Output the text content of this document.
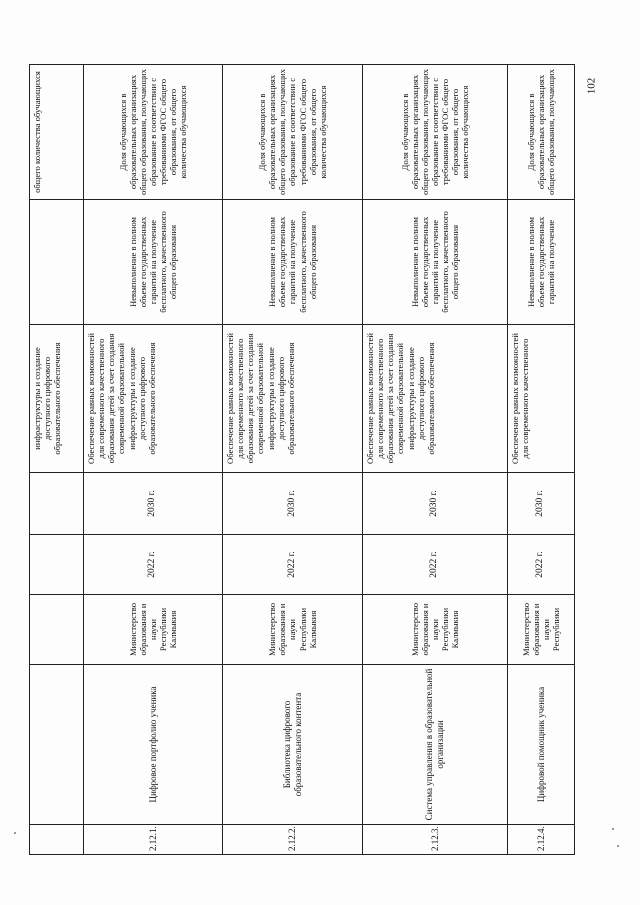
102
					инфраструктуры и создание доступного цифрового образовательного обеспечения		общего количества обучающихся
2.12.1.	Цифровое портфолио ученика	Министерство образования и науки Республики Калмыкия	2022 г.	2030 г.	Обеспечение равных возможностей для современного качественного образования детей за счет создания современной образовательной инфраструктуры и создание доступного цифрового образовательного обеспечения	Невыполнение в полном объеме государственных гарантий на получение бесплатного, качественного общего образования	Доля обучающихся в образовательных организациях общего образования, получающих образование в соответствии с требованиями ФГОС общего образования, от общего количества обучающихся
2.12.2.	Библиотека цифрового образовательного контента	Министерство образования и науки Республики Калмыкия	2022 г.	2030 г.	Обеспечение равных возможностей для современного качественного образования детей за счет создания современной образовательной инфраструктуры и создание доступного цифрового образовательного обеспечения	Невыполнение в полном объеме государственных гарантий на получение бесплатного, качественного общего образования	Доля обучающихся в образовательных организациях общего образования, получающих образование в соответствии с требованиями ФГОС общего образования, от общего количества обучающихся
2.12.3.	Система управления в образовательной организации	Министерство образования и науки Республики Калмыкия	2022 г.	2030 г.	Обеспечение равных возможностей для современного качественного образования детей за счет создания современной образовательной инфраструктуры и создание доступного цифрового образовательного обеспечения	Невыполнение в полном объеме государственных гарантий на получение бесплатного, качественного общего образования	Доля обучающихся в образовательных организациях общего образования, получающих образование в соответствии с требованиями ФГОС общего образования, от общего количества обучающихся
2.12.4.	Цифровой помощник ученика	Министерство образования и науки Республики	2022 г.	2030 г.	Обеспечение равных возможностей для современного качественного	Невыполнение в полном объеме государственных гарантий на получение	Доля обучающихся в образовательных организациях общего образования, получающих
